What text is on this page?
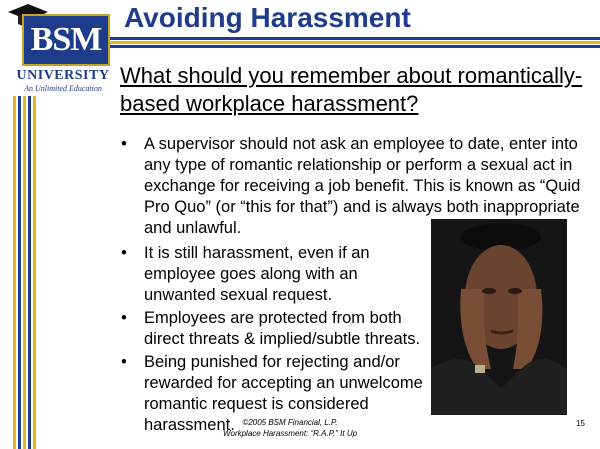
BSM
UNIVERSITY
An Unlimited Education
Avoiding Harassment
What should you remember about romantically-based workplace harassment?
• A supervisor should not ask an employee to date, enter into any type of romantic relationship or perform a sexual act in exchange for receiving a job benefit. This is known as “Quid Pro Quo” (or “this for that”) and is always both inappropriate and unlawful.
• It is still harassment, even if an employee goes along with an unwanted sexual request.
• Employees are protected from both direct threats & implied/subtle threats.
• Being punished for rejecting and/or rewarded for accepting an unwelcome romantic request is considered harassment. ©2005 BSM Financial, L.P.
Workplace Harassment: “R.A.P.” It Up
15
